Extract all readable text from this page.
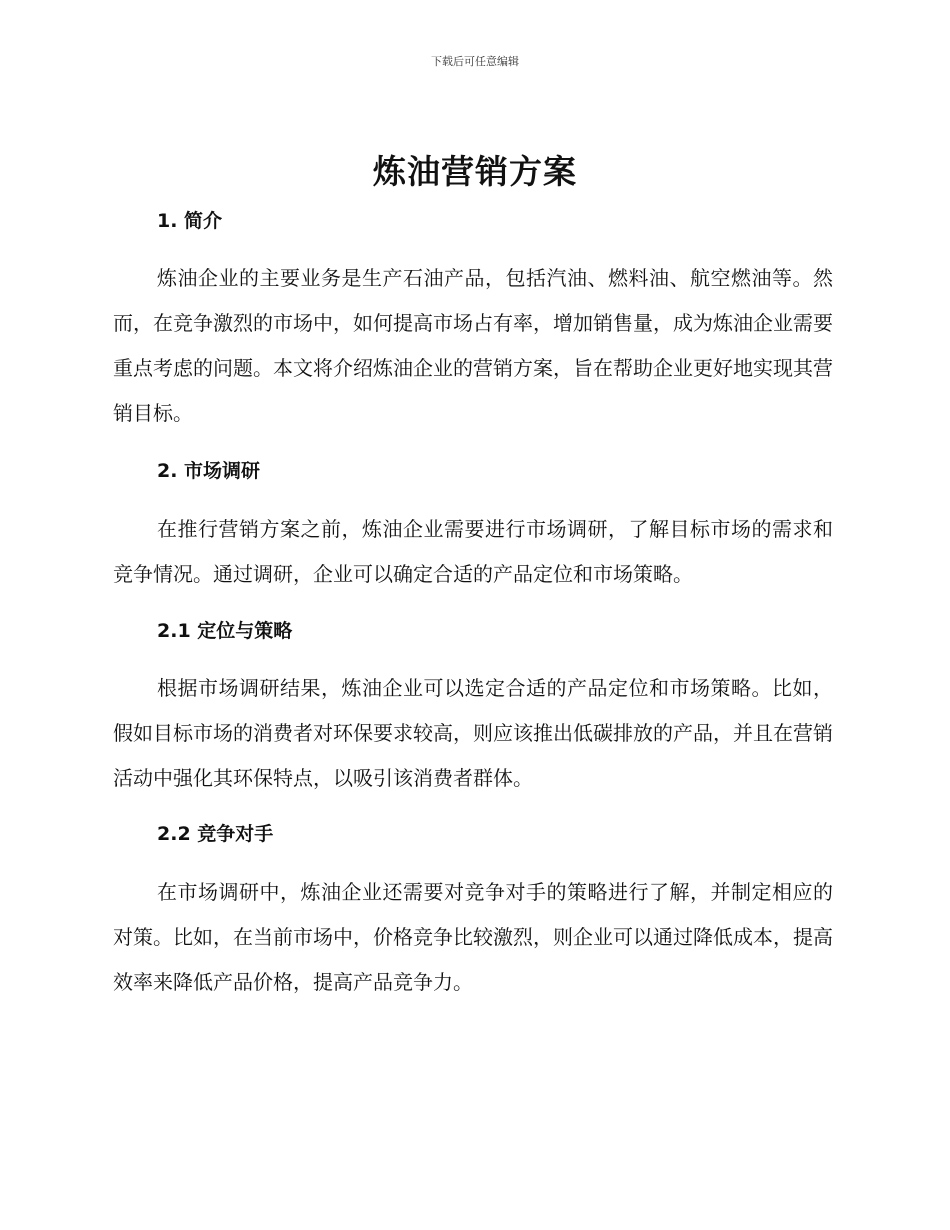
下载后可任意编辑
炼油营销方案
1. 简介

炼油企业的主要业务是生产石油产品，包括汽油、燃料油、航空燃油等。然而，在竞争激烈的市场中，如何提高市场占有率，增加销售量，成为炼油企业需要重点考虑的问题。本文将介绍炼油企业的营销方案，旨在帮助企业更好地实现其营销目标。

2. 市场调研

在推行营销方案之前，炼油企业需要进行市场调研，了解目标市场的需求和竞争情况。通过调研，企业可以确定合适的产品定位和市场策略。

2.1 定位与策略

根据市场调研结果，炼油企业可以选定合适的产品定位和市场策略。比如，假如目标市场的消费者对环保要求较高，则应该推出低碳排放的产品，并且在营销活动中强化其环保特点，以吸引该消费者群体。

2.2 竞争对手

在市场调研中，炼油企业还需要对竞争对手的策略进行了解，并制定相应的对策。比如，在当前市场中，价格竞争比较激烈，则企业可以通过降低成本，提高效率来降低产品价格，提高产品竞争力。
